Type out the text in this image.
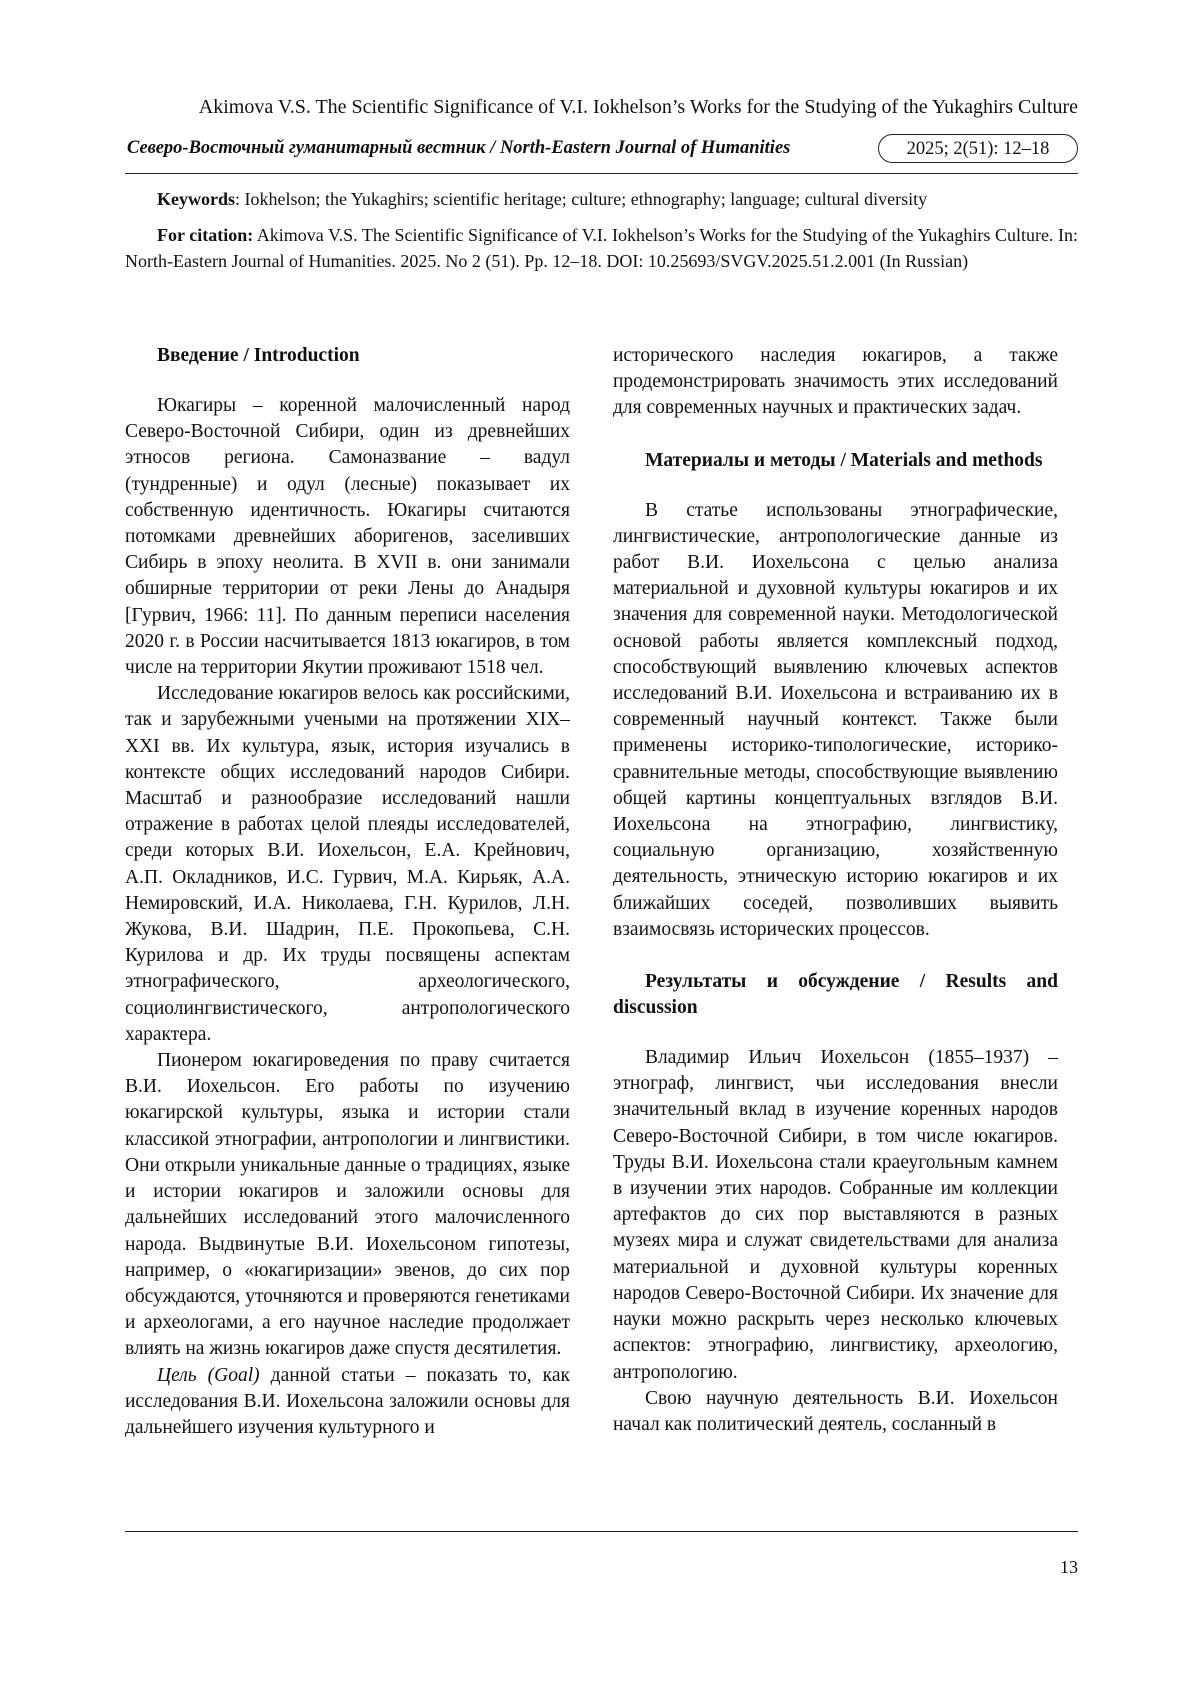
Akimova V.S. The Scientific Significance of V.I. Iokhelson’s Works for the Studying of the Yukaghirs Culture
Северо-Восточный гуманитарный вестник / North-Eastern Journal of Humanities	2025; 2(51): 12–18

Keywords: Iokhelson; the Yukaghirs; scientific heritage; culture; ethnography; language; cultural diversity

For citation: Akimova V.S. The Scientific Significance of V.I. Iokhelson’s Works for the Studying of the Yukaghirs Culture. In: North-Eastern Journal of Humanities. 2025. No 2 (51). Pp. 12–18. DOI: 10.25693/SVGV.2025.51.2.001 (In Russian)

Введение / Introduction

Юкагиры – коренной малочисленный народ Северо-Восточной Сибири, один из древнейших этносов региона. Самоназвание – вадул (тундренные) и одул (лесные) показывает их собственную идентичность. Юкагиры считаются потомками древнейших аборигенов, заселивших Сибирь в эпоху неолита. В XVII в. они занимали обширные территории от реки Лены до Анадыря [Гурвич, 1966: 11]. По данным переписи населения 2020 г. в России насчитывается 1813 юкагиров, в том числе на территории Якутии проживают 1518 чел.

Исследование юкагиров велось как российскими, так и зарубежными учеными на протяжении XIX–XXI вв. Их культура, язык, история изучались в контексте общих исследований народов Сибири. Масштаб и разнообразие исследований нашли отражение в работах целой плеяды исследователей, среди которых В.И. Иохельсон, Е.А. Крейнович, А.П. Окладников, И.С. Гурвич, М.А. Кирьяк, А.А. Немировский, И.А. Николаева, Г.Н. Курилов, Л.Н. Жукова, В.И. Шадрин, П.Е. Прокопьева, С.Н. Курилова и др. Их труды посвящены аспектам этнографического, археологического, социолингвистического, антропологического характера.

Пионером юкагироведения по праву считается В.И. Иохельсон. Его работы по изучению юкагирской культуры, языка и истории стали классикой этнографии, антропологии и лингвистики. Они открыли уникальные данные о традициях, языке и истории юкагиров и заложили основы для дальнейших исследований этого малочисленного народа. Выдвинутые В.И. Иохельсоном гипотезы, например, о «юкагиризации» эвенов, до сих пор обсуждаются, уточняются и проверяются генетиками и археологами, а его научное наследие продолжает влиять на жизнь юкагиров даже спустя десятилетия.

Цель (Goal) данной статьи – показать то, как исследования В.И. Иохельсона заложили основы для дальнейшего изучения культурного и

исторического наследия юкагиров, а также продемонстрировать значимость этих исследований для современных научных и практических задач.

Материалы и методы / Materials and methods

В статье использованы этнографические, лингвистические, антропологические данные из работ В.И. Иохельсона с целью анализа материальной и духовной культуры юкагиров и их значения для современной науки. Методологической основой работы является комплексный подход, способствующий выявлению ключевых аспектов исследований В.И. Иохельсона и встраиванию их в современный научный контекст. Также были применены историко-типологические, историко-сравнительные методы, способствующие выявлению общей картины концептуальных взглядов В.И. Иохельсона на этнографию, лингвистику, социальную организацию, хозяйственную деятельность, этническую историю юкагиров и их ближайших соседей, позволивших выявить взаимосвязь исторических процессов.

Результаты и обсуждение / Results and discussion

Владимир Ильич Иохельсон (1855–1937) – этнограф, лингвист, чьи исследования внесли значительный вклад в изучение коренных народов Северо-Восточной Сибири, в том числе юкагиров. Труды В.И. Иохельсона стали краеугольным камнем в изучении этих народов. Собранные им коллекции артефактов до сих пор выставляются в разных музеях мира и служат свидетельствами для анализа материальной и духовной культуры коренных народов Северо-Восточной Сибири. Их значение для науки можно раскрыть через несколько ключевых аспектов: этнографию, лингвистику, археологию, антропологию.

Свою научную деятельность В.И. Иохельсон начал как политический деятель, сосланный в

13
